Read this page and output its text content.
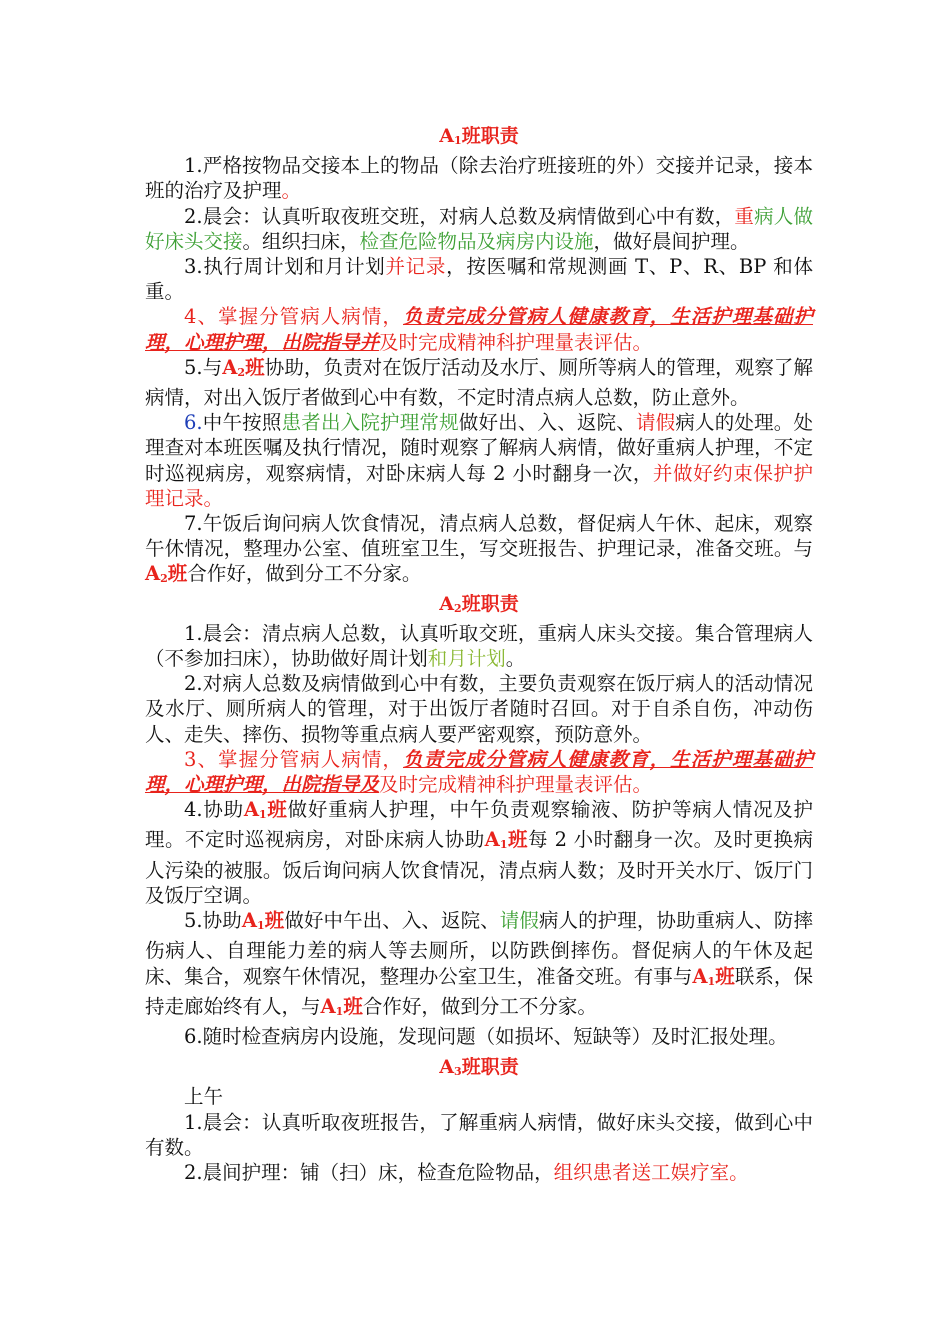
A1班职责

1.严格按物品交接本上的物品（除去治疗班接班的外）交接并记录，接本班的治疗及护理。

2.晨会：认真听取夜班交班，对病人总数及病情做到心中有数，重病人做好床头交接。组织扫床，检查危险物品及病房内设施，做好晨间护理。

3.执行周计划和月计划并记录，按医嘱和常规测画 T、P、R、BP 和体重。

4、掌握分管病人病情，负责完成分管病人健康教育，生活护理基础护理，心理护理，出院指导并及时完成精神科护理量表评估。

5.与A2班协助，负责对在饭厅活动及水厅、厕所等病人的管理，观察了解病情，对出入饭厅者做到心中有数，不定时清点病人总数，防止意外。

6.中午按照患者出入院护理常规做好出、入、返院、请假病人的处理。处理查对本班医嘱及执行情况，随时观察了解病人病情，做好重病人护理，不定时巡视病房，观察病情，对卧床病人每 2 小时翻身一次，并做好约束保护护理记录。

7.午饭后询问病人饮食情况，清点病人总数，督促病人午休、起床，观察午休情况，整理办公室、值班室卫生，写交班报告、护理记录，准备交班。与A2班合作好，做到分工不分家。

A2班职责

1.晨会：清点病人总数，认真听取交班，重病人床头交接。集合管理病人（不参加扫床），协助做好周计划和月计划。

2.对病人总数及病情做到心中有数，主要负责观察在饭厅病人的活动情况及水厅、厕所病人的管理，对于出饭厅者随时召回。对于自杀自伤，冲动伤人、走失、摔伤、损物等重点病人要严密观察，预防意外。

3、掌握分管病人病情，负责完成分管病人健康教育，生活护理基础护理，心理护理，出院指导及及时完成精神科护理量表评估。

4.协助A1班做好重病人护理，中午负责观察输液、防护等病人情况及护理。不定时巡视病房，对卧床病人协助A1班每 2 小时翻身一次。及时更换病人污染的被服。饭后询问病人饮食情况，清点病人数；及时开关水厅、饭厅门及饭厅空调。

5.协助A1班做好中午出、入、返院、请假病人的护理，协助重病人、防摔伤病人、自理能力差的病人等去厕所，以防跌倒摔伤。督促病人的午休及起床、集合，观察午休情况，整理办公室卫生，准备交班。有事与A1班联系，保持走廊始终有人，与A1班合作好，做到分工不分家。

6.随时检查病房内设施，发现问题（如损坏、短缺等）及时汇报处理。

A3班职责

上午

1.晨会：认真听取夜班报告，了解重病人病情，做好床头交接，做到心中有数。

2.晨间护理：铺（扫）床，检查危险物品，组织患者送工娱疗室。
